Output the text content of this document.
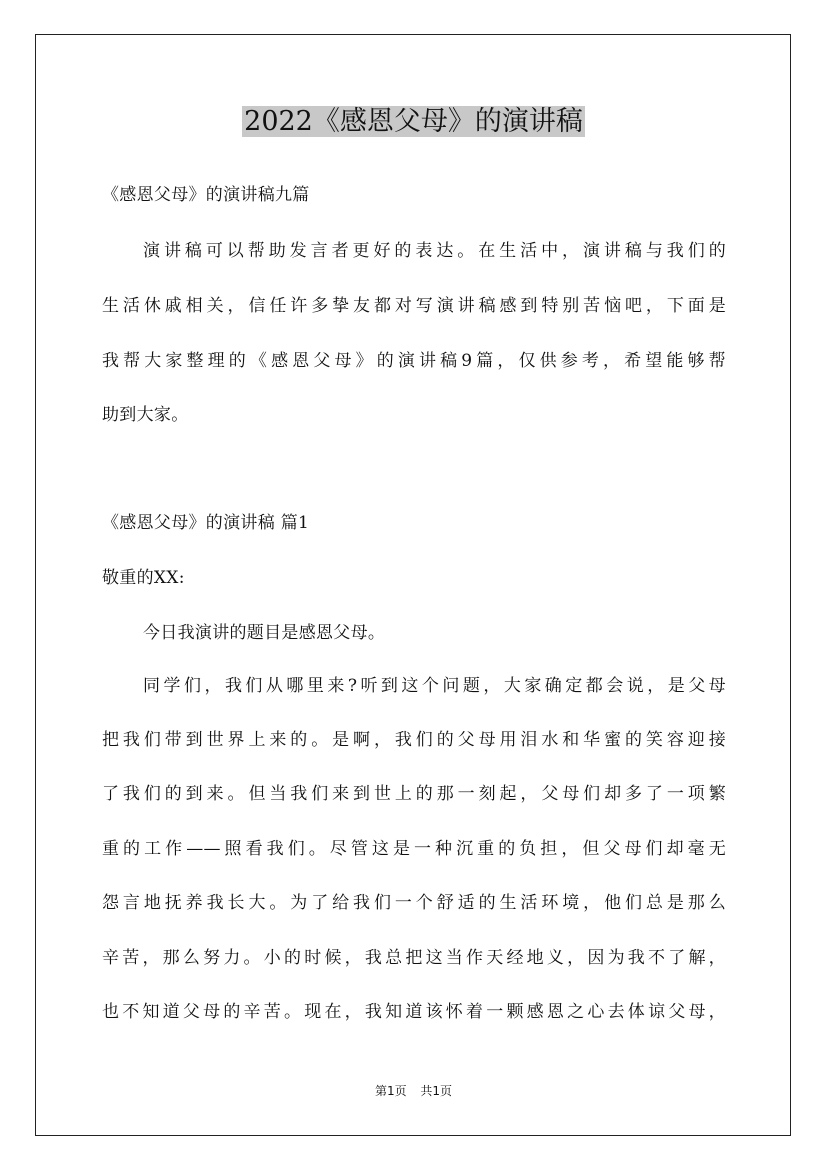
2022《感恩父母》的演讲稿
《感恩父母》的演讲稿九篇
演讲稿可以帮助发言者更好的表达。在生活中，演讲稿与我们的
生活休戚相关，信任许多挚友都对写演讲稿感到特别苦恼吧，下面是
我帮大家整理的《感恩父母》的演讲稿9篇，仅供参考，希望能够帮
助到大家。
《感恩父母》的演讲稿 篇1
敬重的XX:
今日我演讲的题目是感恩父母。
同学们，我们从哪里来?听到这个问题，大家确定都会说，是父母
把我们带到世界上来的。是啊，我们的父母用泪水和华蜜的笑容迎接
了我们的到来。但当我们来到世上的那一刻起，父母们却多了一项繁
重的工作——照看我们。尽管这是一种沉重的负担，但父母们却毫无
怨言地抚养我长大。为了给我们一个舒适的生活环境，他们总是那么
辛苦，那么努力。小的时候，我总把这当作天经地义，因为我不了解，
也不知道父母的辛苦。现在，我知道该怀着一颗感恩之心去体谅父母，
第1页 共1页
